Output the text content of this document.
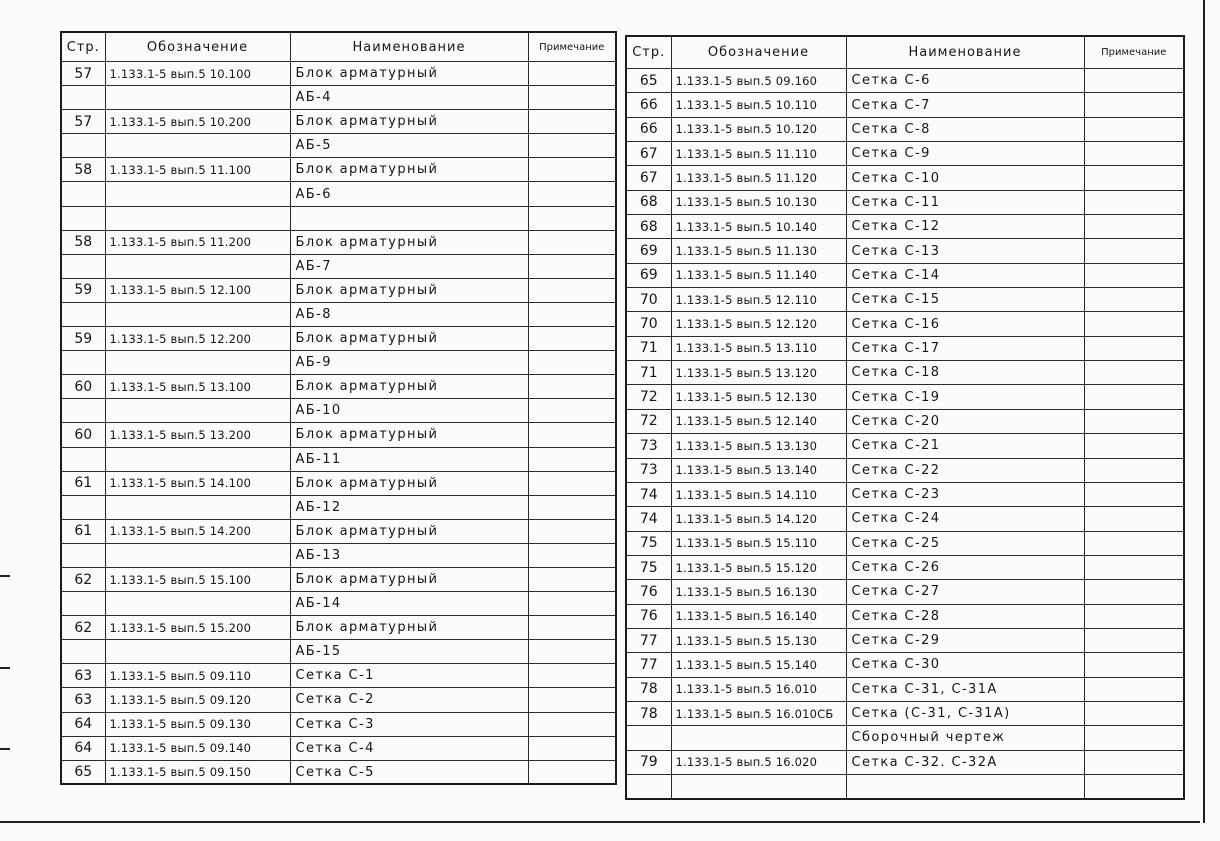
Стр.	Обозначение	Наименование	Примечание
57	1.133.1-5 вып.5 10.100	Блок арматурный	
		АБ-4	
57	1.133.1-5 вып.5 10.200	Блок арматурный	
		АБ-5	
58	1.133.1-5 вып.5 11.100	Блок арматурный	
		АБ-6	

58	1.133.1-5 вып.5 11.200	Блок арматурный	
		АБ-7	
59	1.133.1-5 вып.5 12.100	Блок арматурный	
		АБ-8	
59	1.133.1-5 вып.5 12.200	Блок арматурный	
		АБ-9	
60	1.133.1-5 вып.5 13.100	Блок арматурный	
		АБ-10	
60	1.133.1-5 вып.5 13.200	Блок арматурный	
		АБ-11	
61	1.133.1-5 вып.5 14.100	Блок арматурный	
		АБ-12	
61	1.133.1-5 вып.5 14.200	Блок арматурный	
		АБ-13	
62	1.133.1-5 вып.5 15.100	Блок арматурный	
		АБ-14	
62	1.133.1-5 вып.5 15.200	Блок арматурный	
		АБ-15	
63	1.133.1-5 вып.5 09.110	Сетка С-1	
63	1.133.1-5 вып.5 09.120	Сетка С-2	
64	1.133.1-5 вып.5 09.130	Сетка С-3	
64	1.133.1-5 вып.5 09.140	Сетка С-4	
65	1.133.1-5 вып.5 09.150	Сетка С-5	
Стр.	Обозначение	Наименование	Примечание
65	1.133.1-5 вып.5 09.160	Сетка С-6	
66	1.133.1-5 вып.5 10.110	Сетка С-7	
66	1.133.1-5 вып.5 10.120	Сетка С-8	
67	1.133.1-5 вып.5 11.110	Сетка С-9	
67	1.133.1-5 вып.5 11.120	Сетка С-10	
68	1.133.1-5 вып.5 10.130	Сетка С-11	
68	1.133.1-5 вып.5 10.140	Сетка С-12	
69	1.133.1-5 вып.5 11.130	Сетка С-13	
69	1.133.1-5 вып.5 11.140	Сетка С-14	
70	1.133.1-5 вып.5 12.110	Сетка С-15	
70	1.133.1-5 вып.5 12.120	Сетка С-16	
71	1.133.1-5 вып.5 13.110	Сетка С-17	
71	1.133.1-5 вып.5 13.120	Сетка С-18	
72	1.133.1-5 вып.5 12.130	Сетка С-19	
72	1.133.1-5 вып.5 12.140	Сетка С-20	
73	1.133.1-5 вып.5 13.130	Сетка С-21	
73	1.133.1-5 вып.5 13.140	Сетка С-22	
74	1.133.1-5 вып.5 14.110	Сетка С-23	
74	1.133.1-5 вып.5 14.120	Сетка С-24	
75	1.133.1-5 вып.5 15.110	Сетка С-25	
75	1.133.1-5 вып.5 15.120	Сетка С-26	
76	1.133.1-5 вып.5 16.130	Сетка С-27	
76	1.133.1-5 вып.5 16.140	Сетка С-28	
77	1.133.1-5 вып.5 15.130	Сетка С-29	
77	1.133.1-5 вып.5 15.140	Сетка С-30	
78	1.133.1-5 вып.5 16.010	Сетка С-31, С-31А	
78	1.133.1-5 вып.5 16.010СБ	Сетка (С-31, С-31А)	
		Сборочный чертеж	
79	1.133.1-5 вып.5 16.020	Сетка С-32. С-32А	
